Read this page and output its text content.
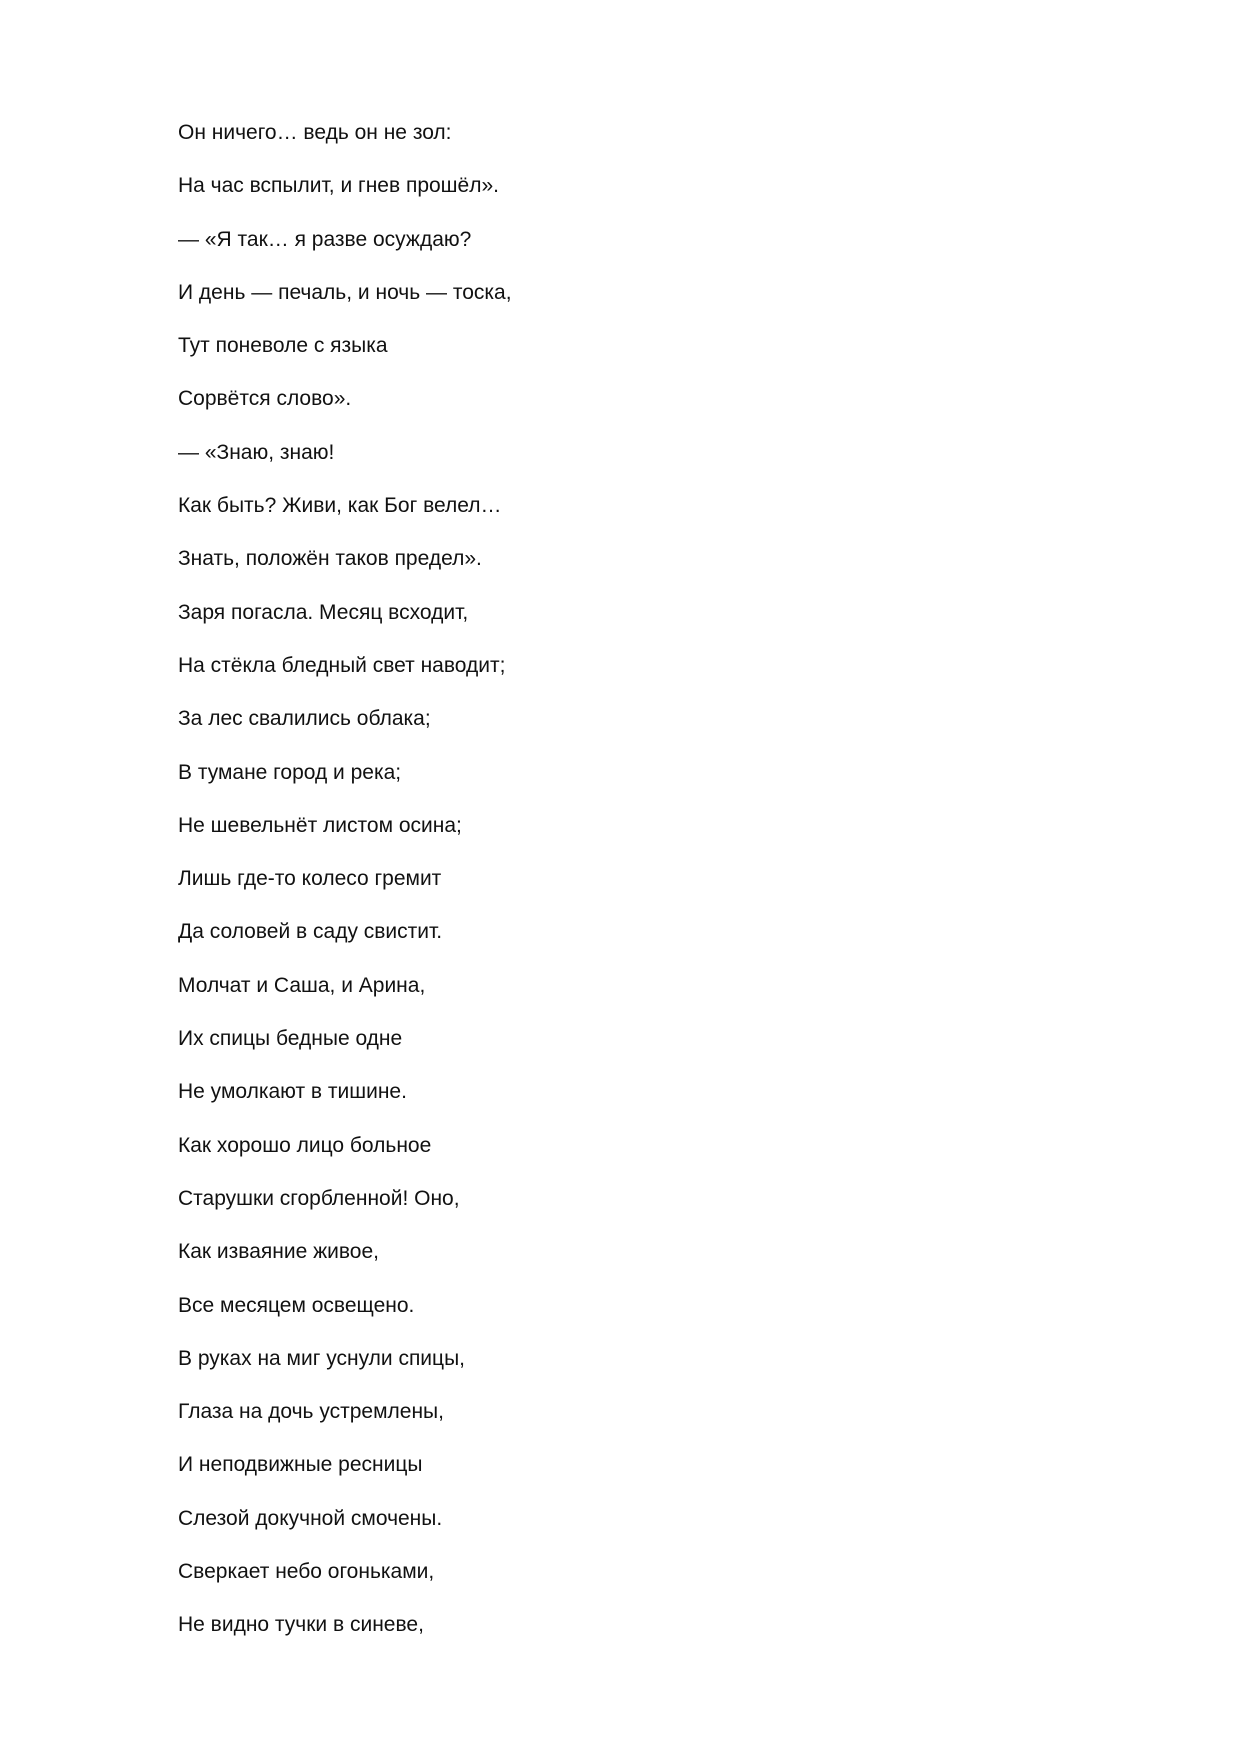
Он ничего… ведь он не зол:
На час вспылит, и гнев прошёл».
— «Я так… я разве осуждаю?
И день — печаль, и ночь — тоска,
Тут поневоле с языка
Сорвётся слово».
— «Знаю, знаю!
Как быть? Живи, как Бог велел…
Знать, положён таков предел».
Заря погасла. Месяц всходит,
На стёкла бледный свет наводит;
За лес свалились облака;
В тумане город и река;
Не шевельнёт листом осина;
Лишь где-то колесо гремит
Да соловей в саду свистит.
Молчат и Саша, и Арина,
Их спицы бедные одне
Не умолкают в тишине.
Как хорошо лицо больное
Старушки сгорбленной! Оно,
Как изваяние живое,
Все месяцем освещено.
В руках на миг уснули спицы,
Глаза на дочь устремлены,
И неподвижные ресницы
Слезой докучной смочены.
Сверкает небо огоньками,
Не видно тучки в синеве,
